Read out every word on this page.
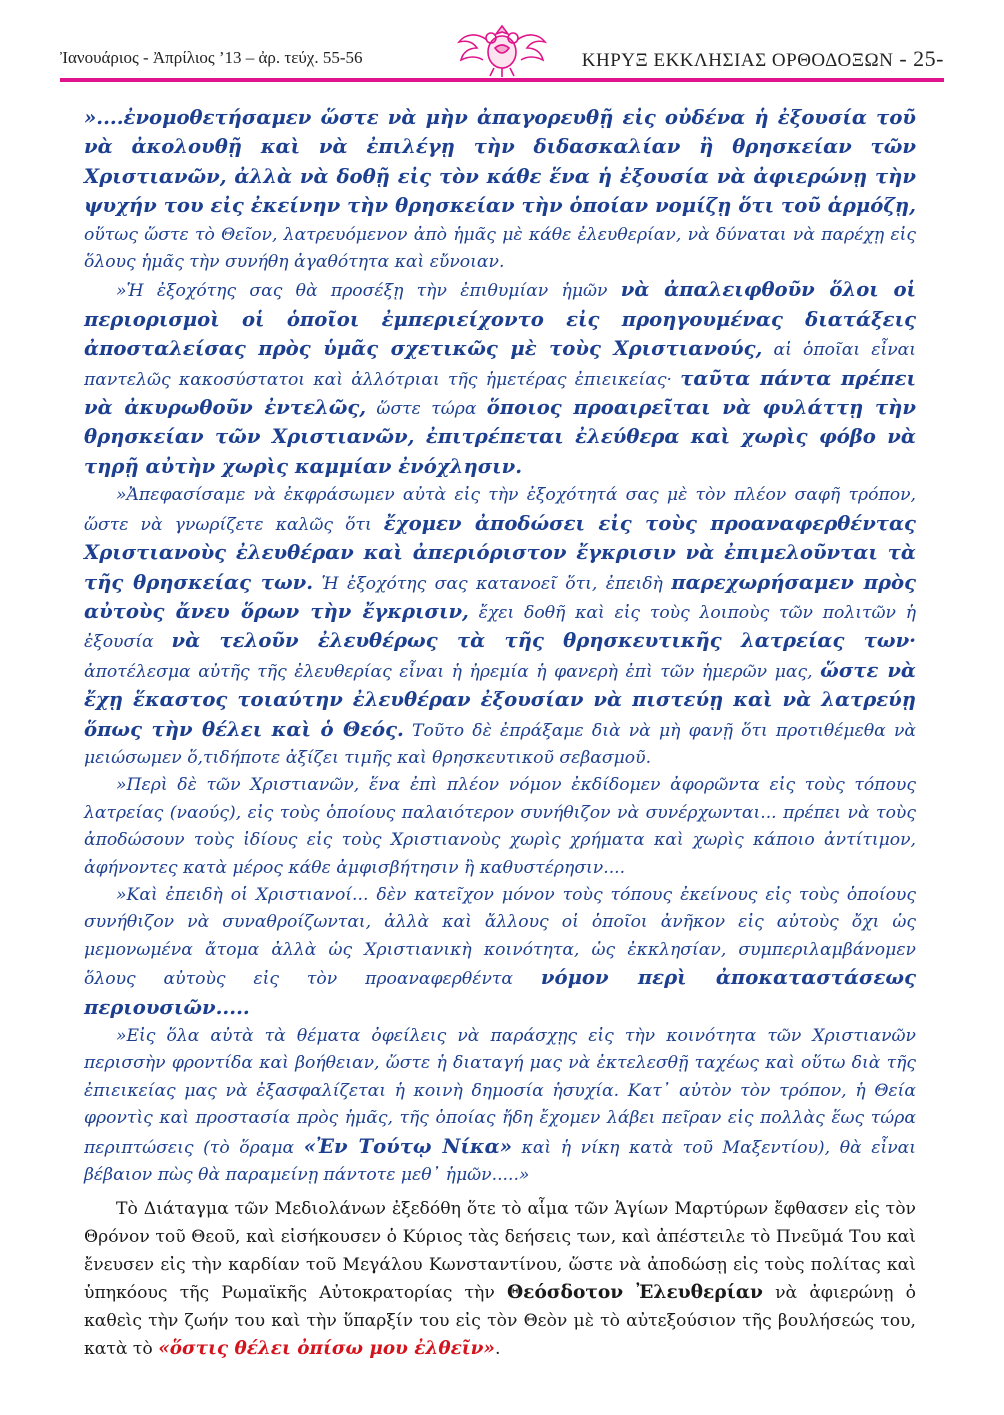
Ἰανουάριος - Ἀπρίλιος ’13 – ἀρ. τεύχ. 55-56	ΚΗΡΥΞ ΕΚΚΛΗΣΙΑΣ ΟΡΘΟΔΟΞΩΝ - 25-

»....ἐνομοθετήσαμεν ὥστε νὰ μὴν ἀπαγορευθῇ εἰς οὐδένα ἡ ἐξουσία τοῦ νὰ ἀκολουθῇ καὶ νὰ ἐπιλέγῃ τὴν διδασκαλίαν ἢ θρησκείαν τῶν Χριστιανῶν, ἀλλὰ νὰ δοθῇ εἰς τὸν κάθε ἕνα ἡ ἐξουσία νὰ ἀφιερώνῃ τὴν ψυχήν του εἰς ἐκείνην τὴν θρησκείαν τὴν ὁποίαν νομίζῃ ὅτι τοῦ ἁρμόζῃ, οὕτως ὥστε τὸ Θεῖον, λατρευόμενον ἀπὸ ἡμᾶς μὲ κάθε ἐλευθερίαν, νὰ δύναται νὰ παρέχῃ εἰς ὅλους ἡμᾶς τὴν συνήθη ἀγαθότητα καὶ εὔνοιαν.

»Ἡ ἐξοχότης σας θὰ προσέξῃ τὴν ἐπιθυμίαν ἡμῶν νὰ ἀπαλειφθοῦν ὅλοι οἱ περιορισμοὶ οἱ ὁποῖοι ἐμπεριείχοντο εἰς προηγουμένας διατάξεις ἀποσταλείσας πρὸς ὑμᾶς σχετικῶς μὲ τοὺς Χριστιανούς, αἱ ὁποῖαι εἶναι παντελῶς κακοσύστατοι καὶ ἀλλότριαι τῆς ἡμετέρας ἐπιεικείας· ταῦτα πάντα πρέπει νὰ ἀκυρωθοῦν ἐντελῶς, ὥστε τώρα ὅποιος προαιρεῖται νὰ φυλάττῃ τὴν θρησκείαν τῶν Χριστιανῶν, ἐπιτρέπεται ἐλεύθερα καὶ χωρὶς φόβο νὰ τηρῇ αὐτὴν χωρὶς καμμίαν ἐνόχλησιν.

»Ἀπεφασίσαμε νὰ ἐκφράσωμεν αὐτὰ εἰς τὴν ἐξοχότητά σας μὲ τὸν πλέον σαφῆ τρόπον, ὥστε νὰ γνωρίζετε καλῶς ὅτι ἔχομεν ἀποδώσει εἰς τοὺς προαναφερθέντας Χριστιανοὺς ἐλευθέραν καὶ ἀπεριόριστον ἔγκρισιν νὰ ἐπιμελοῦνται τὰ τῆς θρησκείας των. Ἡ ἐξοχότης σας κατανοεῖ ὅτι, ἐπειδὴ παρεχωρήσαμεν πρὸς αὐτοὺς ἄνευ ὅρων τὴν ἔγκρισιν, ἔχει δοθῆ καὶ εἰς τοὺς λοιποὺς τῶν πολιτῶν ἡ ἐξουσία νὰ τελοῦν ἐλευθέρως τὰ τῆς θρησκευτικῆς λατρείας των· ἀποτέλεσμα αὐτῆς τῆς ἐλευθερίας εἶναι ἡ ἠρεμία ἡ φανερὴ ἐπὶ τῶν ἡμερῶν μας, ὥστε νὰ ἔχῃ ἕκαστος τοιαύτην ἐλευθέραν ἐξουσίαν νὰ πιστεύῃ καὶ νὰ λατρεύῃ ὅπως τὴν θέλει καὶ ὁ Θεός. Τοῦτο δὲ ἐπράξαμε διὰ νὰ μὴ φανῇ ὅτι προτιθέμεθα νὰ μειώσωμεν ὅ,τιδήποτε ἀξίζει τιμῆς καὶ θρησκευτικοῦ σεβασμοῦ.

»Περὶ δὲ τῶν Χριστιανῶν, ἕνα ἐπὶ πλέον νόμον ἐκδίδομεν ἀφορῶντα εἰς τοὺς τόπους λατρείας (ναούς), εἰς τοὺς ὁποίους παλαιότερον συνήθιζον νὰ συνέρχωνται... πρέπει νὰ τοὺς ἀποδώσουν τοὺς ἰδίους εἰς τοὺς Χριστιανοὺς χωρὶς χρήματα καὶ χωρὶς κάποιο ἀντίτιμον, ἀφήνοντες κατὰ μέρος κάθε ἀμφισβήτησιν ἢ καθυστέρησιν....

»Καὶ ἐπειδὴ οἱ Χριστιανοί... δὲν κατεῖχον μόνον τοὺς τόπους ἐκείνους εἰς τοὺς ὁποίους συνήθιζον νὰ συναθροίζωνται, ἀλλὰ καὶ ἄλλους οἱ ὁποῖοι ἀνῆκον εἰς αὐτοὺς ὄχι ὡς μεμονωμένα ἄτομα ἀλλὰ ὡς Χριστιανικὴ κοινότητα, ὡς ἐκκλησίαν, συμπεριλαμβάνομεν ὅλους αὐτοὺς εἰς τὸν προαναφερθέντα νόμον περὶ ἀποκαταστάσεως περιουσιῶν.....

»Εἰς ὅλα αὐτὰ τὰ θέματα ὀφείλεις νὰ παράσχῃς εἰς τὴν κοινότητα τῶν Χριστιανῶν περισσὴν φροντίδα καὶ βοήθειαν, ὥστε ἡ διαταγή μας νὰ ἐκτελεσθῇ ταχέως καὶ οὕτω διὰ τῆς ἐπιεικείας μας νὰ ἐξασφαλίζεται ἡ κοινὴ δημοσία ἡσυχία. Κατ᾽ αὐτὸν τὸν τρόπον, ἡ Θεία φροντὶς καὶ προστασία πρὸς ἡμᾶς, τῆς ὁποίας ἤδη ἔχομεν λάβει πεῖραν εἰς πολλὰς ἕως τώρα περιπτώσεις (τὸ ὅραμα «Ἐν Τούτῳ Νίκα» καὶ ἡ νίκη κατὰ τοῦ Μαξεντίου), θὰ εἶναι βέβαιον πὼς θὰ παραμείνῃ πάντοτε μεθ᾽ ἡμῶν.....»

Τὸ Διάταγμα τῶν Μεδιολάνων ἐξεδόθη ὅτε τὸ αἷμα τῶν Ἁγίων Μαρτύρων ἔφθασεν εἰς τὸν Θρόνον τοῦ Θεοῦ, καὶ εἰσήκουσεν ὁ Κύριος τὰς δεήσεις των, καὶ ἀπέστειλε τὸ Πνεῦμά Του καὶ ἔνευσεν εἰς τὴν καρδίαν τοῦ Μεγάλου Κωνσταντίνου, ὥστε νὰ ἀποδώσῃ εἰς τοὺς πολίτας καὶ ὑπηκόους τῆς Ρωμαϊκῆς Αὐτοκρατορίας τὴν Θεόσδοτον Ἐλευθερίαν νὰ ἀφιερώνῃ ὁ καθεὶς τὴν ζωήν του καὶ τὴν ὕπαρξίν του εἰς τὸν Θεὸν μὲ τὸ αὐτεξούσιον τῆς βουλήσεώς του, κατὰ τὸ «ὅστις θέλει ὀπίσω μου ἐλθεῖν».
